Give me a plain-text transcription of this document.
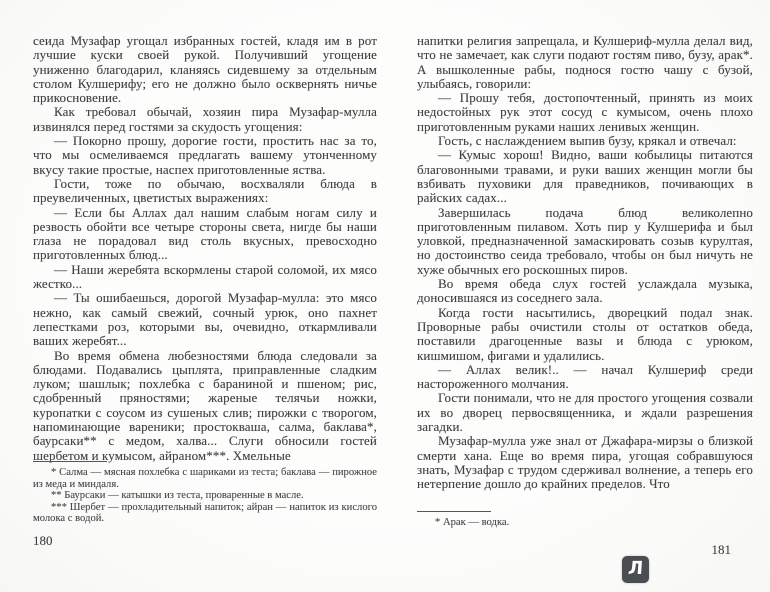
сеида Музафар угощал избранных гостей, кладя им в рот лучшие куски своей рукой. Получивший угощение униженно благодарил, кланяясь сидевшему за отдельным столом Кулшерифу; его не должно было осквернять ничье прикосновение.

Как требовал обычай, хозяин пира Музафар-мулла извинялся перед гостями за скудость угощения:

— Покорно прошу, дорогие гости, простить нас за то, что мы осмеливаемся предлагать вашему утонченному вкусу такие простые, наспех приготовленные яства.

Гости, тоже по обычаю, восхваляли блюда в преувеличенных, цветистых выражениях:

— Если бы Аллах дал нашим слабым ногам силу и резвость обойти все четыре стороны света, нигде бы наши глаза не порадовал вид столь вкусных, превосходно приготовленных блюд...

— Наши жеребята вскормлены старой соломой, их мясо жестко...

— Ты ошибаешься, дорогой Музафар-мулла: это мясо нежно, как самый свежий, сочный урюк, оно пахнет лепестками роз, которыми вы, очевидно, откармливали ваших жеребят...

Во время обмена любезностями блюда следовали за блюдами. Подавались цыплята, приправленные сладким луком; шашлык; похлебка с бараниной и пшеном; рис, сдобренный пряностями; жареные телячьи ножки, куропатки с соусом из сушеных слив; пирожки с творогом, напоминающие вареники; простокваша, салма, баклава*, баурсаки** с медом, халва... Слуги обносили гостей шербетом и кумысом, айраном***. Хмельные

* Салма — мясная похлебка с шариками из теста; баклава — пирожное из меда и миндаля.

** Баурсаки — катышки из теста, проваренные в масле.

*** Шербет — прохладительный напиток; айран — напиток из кислого молока с водой.

180

напитки религия запрещала, и Кулшериф-мулла делал вид, что не замечает, как слуги подают гостям пиво, бузу, арак*. А вышколенные рабы, поднося гостю чашу с бузой, улыбаясь, говорили:

— Прошу тебя, достопочтенный, принять из моих недостойных рук этот сосуд с кумысом, очень плохо приготовленным руками наших ленивых женщин.

Гость, с наслаждением выпив бузу, крякал и отвечал:

— Кумыс хорош! Видно, ваши кобылицы питаются благовонными травами, и руки ваших женщин могли бы взбивать пуховики для праведников, почивающих в райских садах...

Завершилась подача блюд великолепно приготовленным пилавом. Хоть пир у Кулшерифа и был уловкой, предназначенной замаскировать созыв курултая, но достоинство сеида требовало, чтобы он был ничуть не хуже обычных его роскошных пиров.

Во время обеда слух гостей услаждала музыка, доносившаяся из соседнего зала.

Когда гости насытились, дворецкий подал знак. Проворные рабы очистили столы от остатков обеда, поставили драгоценные вазы и блюда с урюком, кишмишом, фигами и удалились.

— Аллах велик!.. — начал Кулшериф среди настороженного молчания.

Гости понимали, что не для простого угощения созвали их во дворец первосвященника, и ждали разрешения загадки.

Музафар-мулла уже знал от Джафара-мирзы о близкой смерти хана. Еще во время пира, угощая собравшуюся знать, Музафар с трудом сдерживал волнение, а теперь его нетерпение дошло до крайних пределов. Что

* Арак — водка.

181
Л
